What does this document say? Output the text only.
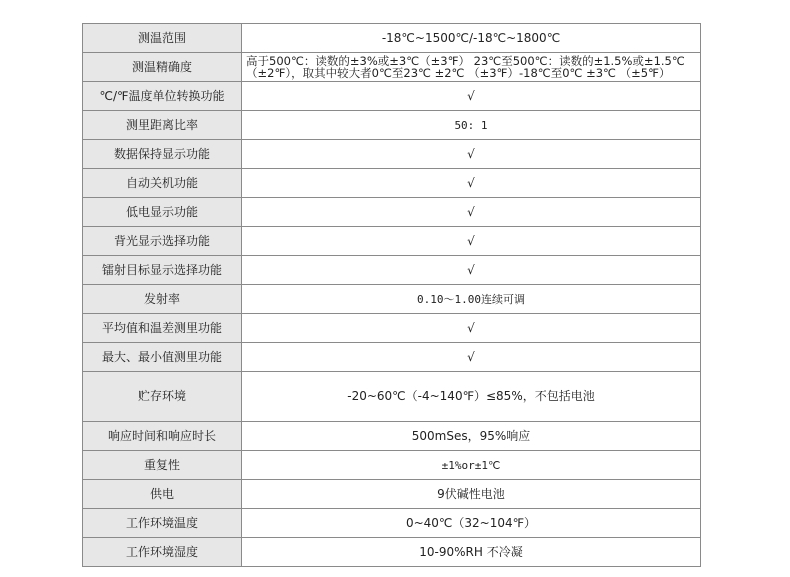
测温范围	-18℃~1500℃/-18℃~1800℃
测温精确度	高于500℃：读数的±3%或±3℃（±3℉） 23℃至500℃：读数的±1.5%或±1.5℃（±2℉），取其中较大者0℃至23℃ ±2℃ （±3℉）-18℃至0℃ ±3℃ （±5℉）
℃/℉温度单位转换功能	√
测里距离比率	50: 1
数据保持显示功能	√
自动关机功能	√
低电显示功能	√
背光显示选择功能	√
镭射目标显示选择功能	√
发射率	0.10～1.00连续可调
平均值和温差测里功能	√
最大、最小值测里功能	√
贮存环境	-20~60℃（-4~140℉）≤85%，不包括电池
响应时间和响应时长	500mSes，95%响应
重复性	±1%or±1℃
供电	9伏碱性电池
工作环境温度	0~40℃（32~104℉）
工作环境湿度	10-90%RH 不冷凝
